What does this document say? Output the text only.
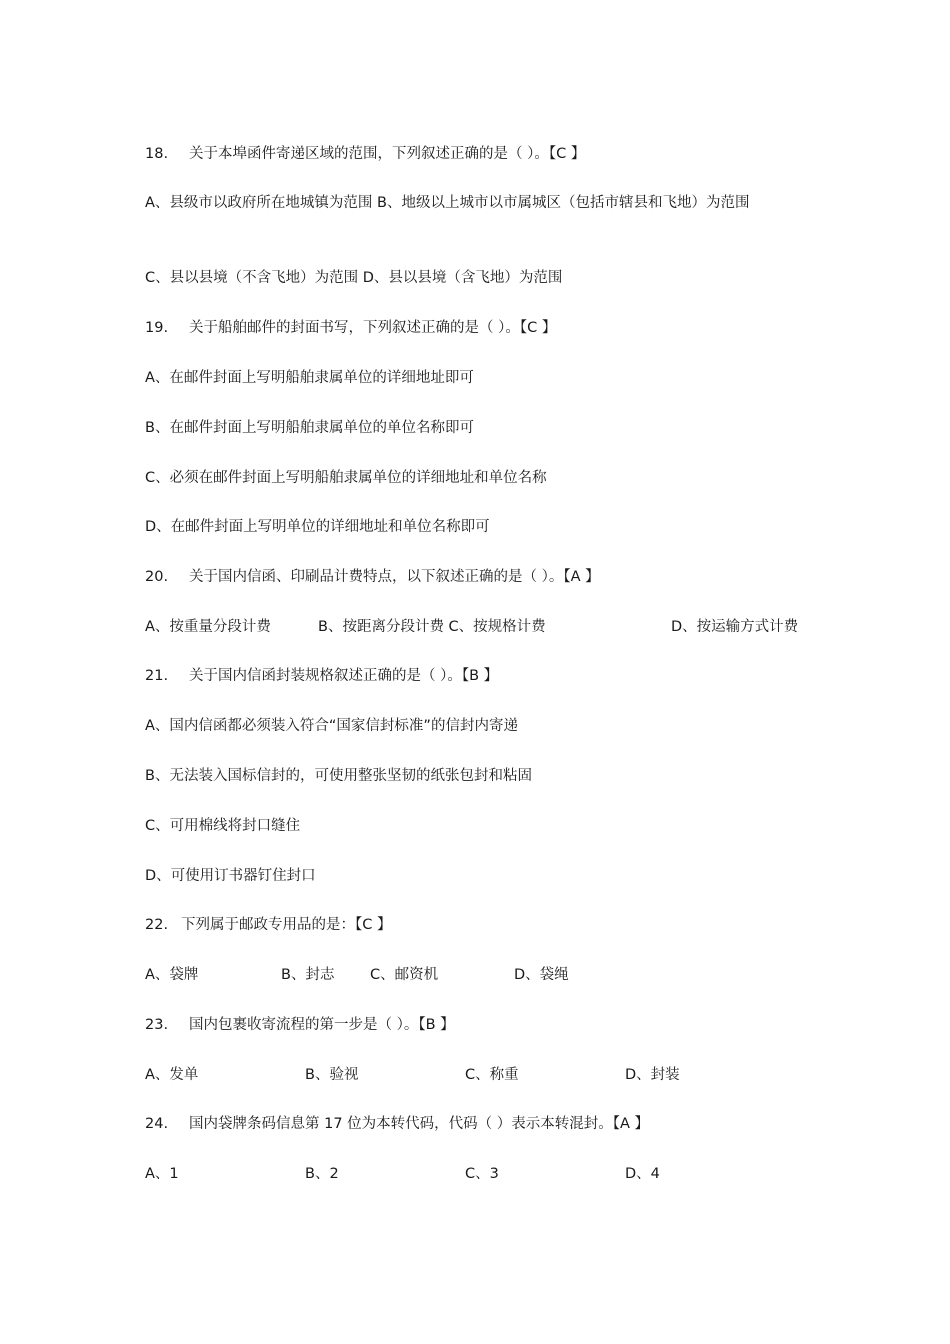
18. 关于本埠函件寄递区域的范围，下列叙述正确的是（ ）。【C 】
A、县级市以政府所在地城镇为范围 B、地级以上城市以市属城区（包括市辖县和飞地）为范围
C、县以县境（不含飞地）为范围 D、县以县境（含飞地）为范围
19. 关于船舶邮件的封面书写，下列叙述正确的是（ ）。【C 】
A、在邮件封面上写明船舶隶属单位的详细地址即可
B、在邮件封面上写明船舶隶属单位的单位名称即可
C、必须在邮件封面上写明船舶隶属单位的详细地址和单位名称
D、在邮件封面上写明单位的详细地址和单位名称即可
20. 关于国内信函、印刷品计费特点，以下叙述正确的是（ ）。【A 】
A、按重量分段计费	B、按距离分段计费 C、按规格计费	D、按运输方式计费
21. 关于国内信函封装规格叙述正确的是（ ）。【B 】
A、国内信函都必须装入符合“国家信封标准”的信封内寄递
B、无法装入国标信封的，可使用整张坚韧的纸张包封和粘固
C、可用棉线将封口缝住
D、可使用订书器钉住封口
22. 下列属于邮政专用品的是：【C 】
A、袋牌	B、封志 C、邮资机	D、袋绳
23. 国内包裹收寄流程的第一步是（ ）。【B 】
A、发单	B、验视	C、称重	D、封装
24. 国内袋牌条码信息第 17 位为本转代码，代码（ ）表示本转混封。【A 】
A、1	B、2	C、3	D、4
